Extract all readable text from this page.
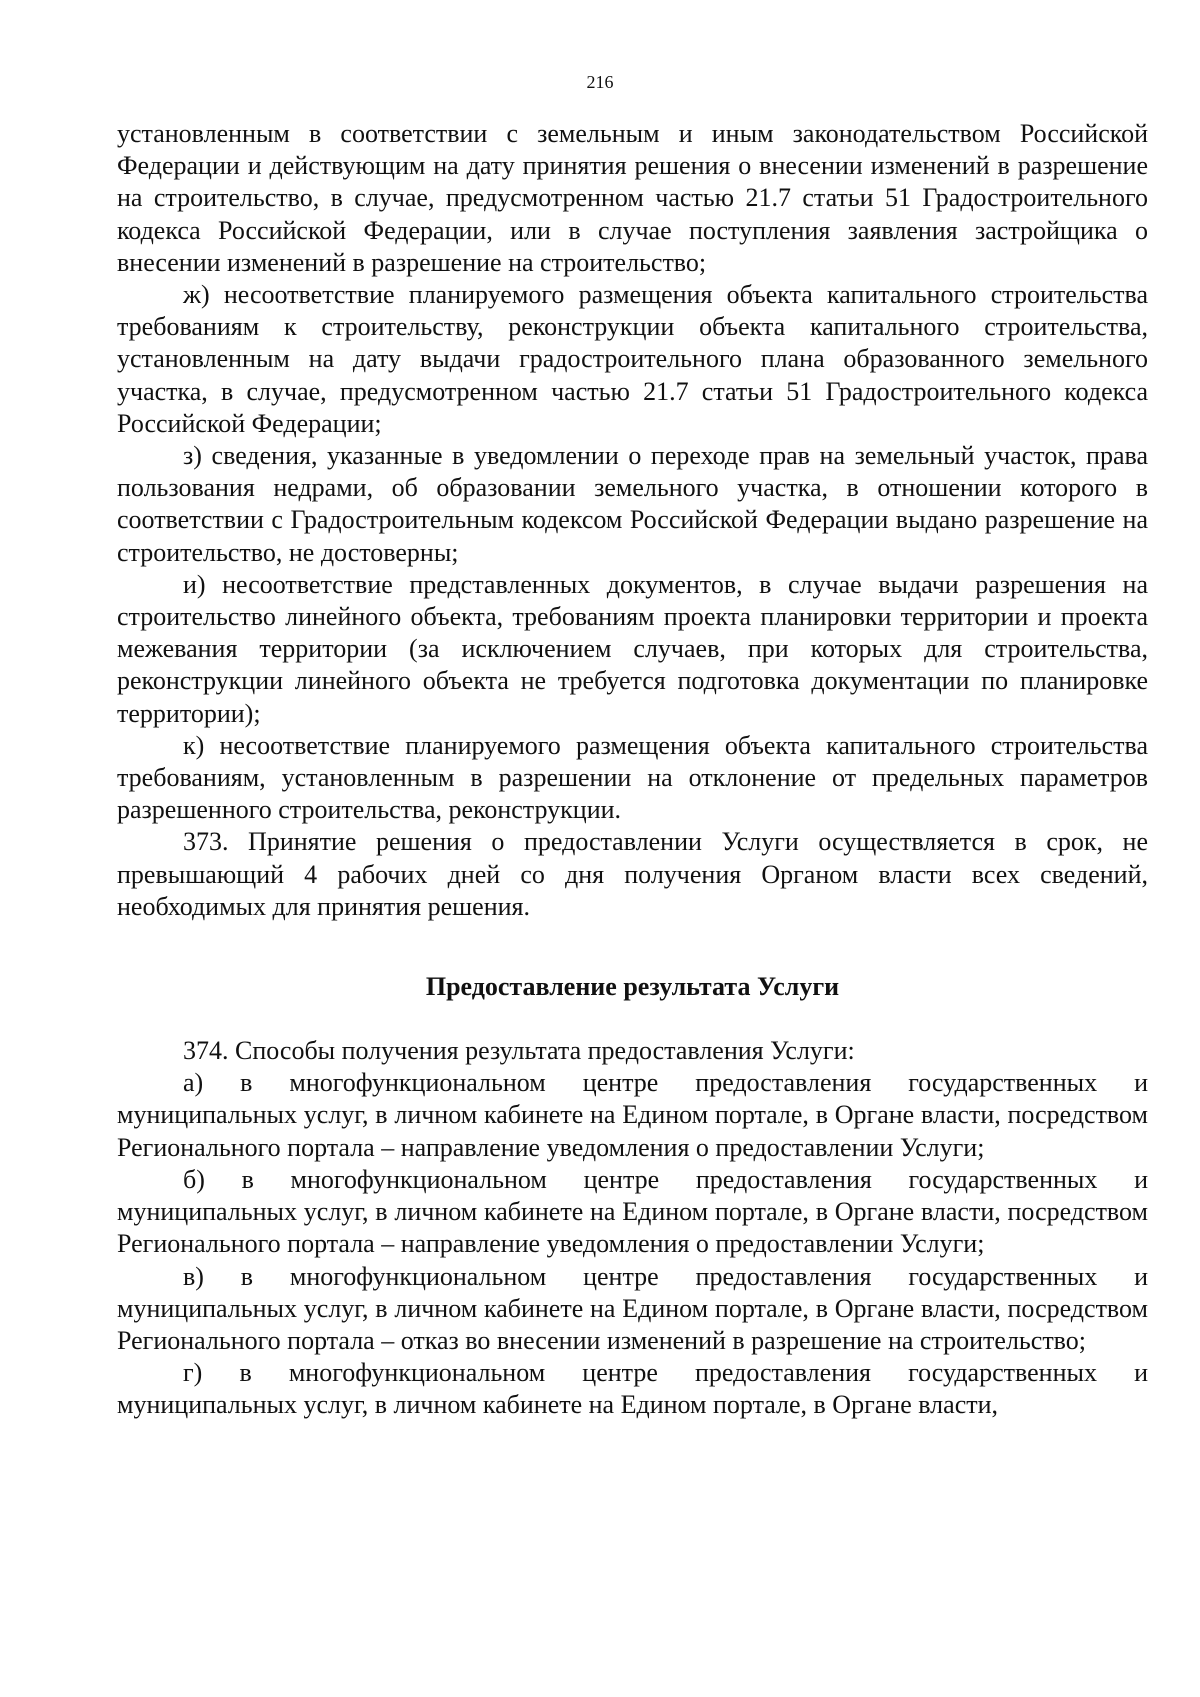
216

установленным в соответствии с земельным и иным законодательством Российской Федерации и действующим на дату принятия решения о внесении изменений в разрешение на строительство, в случае, предусмотренном частью 21.7 статьи 51 Градостроительного кодекса Российской Федерации, или в случае поступления заявления застройщика о внесении изменений в разрешение на строительство;

ж) несоответствие планируемого размещения объекта капитального строительства требованиям к строительству, реконструкции объекта капитального строительства, установленным на дату выдачи градостроительного плана образованного земельного участка, в случае, предусмотренном частью 21.7 статьи 51 Градостроительного кодекса Российской Федерации;

з) сведения, указанные в уведомлении о переходе прав на земельный участок, права пользования недрами, об образовании земельного участка, в отношении которого в соответствии с Градостроительным кодексом Российской Федерации выдано разрешение на строительство, не достоверны;

и) несоответствие представленных документов, в случае выдачи разрешения на строительство линейного объекта, требованиям проекта планировки территории и проекта межевания территории (за исключением случаев, при которых для строительства, реконструкции линейного объекта не требуется подготовка документации по планировке территории);

к) несоответствие планируемого размещения объекта капитального строительства требованиям, установленным в разрешении на отклонение от предельных параметров разрешенного строительства, реконструкции.

373. Принятие решения о предоставлении Услуги осуществляется в срок, не превышающий 4 рабочих дней со дня получения Органом власти всех сведений, необходимых для принятия решения.

Предоставление результата Услуги

374. Способы получения результата предоставления Услуги:

а) в многофункциональном центре предоставления государственных и муниципальных услуг, в личном кабинете на Едином портале, в Органе власти, посредством Регионального портала – направление уведомления о предоставлении Услуги;

б) в многофункциональном центре предоставления государственных и муниципальных услуг, в личном кабинете на Едином портале, в Органе власти, посредством Регионального портала – направление уведомления о предоставлении Услуги;

в) в многофункциональном центре предоставления государственных и муниципальных услуг, в личном кабинете на Едином портале, в Органе власти, посредством Регионального портала – отказ во внесении изменений в разрешение на строительство;

г) в многофункциональном центре предоставления государственных и муниципальных услуг, в личном кабинете на Едином портале, в Органе власти,
